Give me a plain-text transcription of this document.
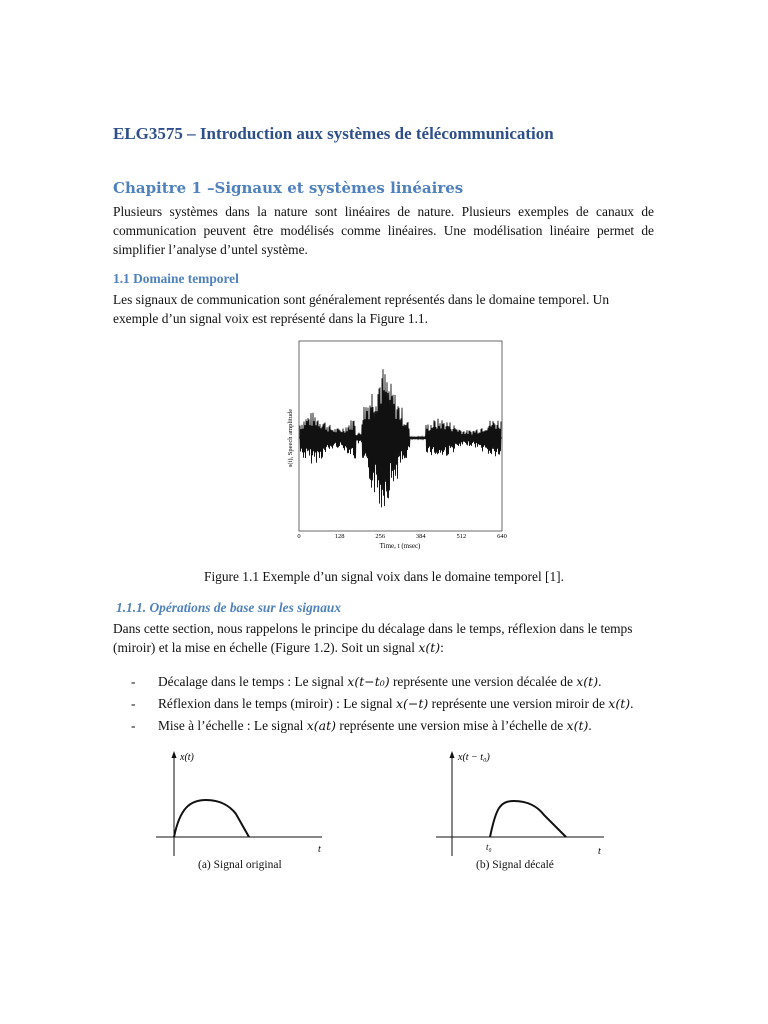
ELG3575 – Introduction aux systèmes de télécommunication
Chapitre 1 –Signaux et systèmes linéaires
Plusieurs systèmes dans la nature sont linéaires de nature. Plusieurs exemples de canaux de communication peuvent être modélisés comme linéaires. Une modélisation linéaire permet de simplifier l’analyse d’untel système.
1.1 Domaine temporel
Les signaux de communication sont généralement représentés dans le domaine temporel. Un exemple d’un signal voix est représenté dans la Figure 1.1.
0	128	256	384	512	640
Time, t (msec)
s(t), Speech amplitude
Figure 1.1 Exemple d’un signal voix dans le domaine temporel [1].
1.1.1. Opérations de base sur les signaux
Dans cette section, nous rappelons le principe du décalage dans le temps, réflexion dans le temps (miroir) et la mise en échelle (Figure 1.2). Soit un signal x(t):
- Décalage dans le temps : Le signal x(t−t₀) représente une version décalée de x(t).
- Réflexion dans le temps (miroir) : Le signal x(−t) représente une version miroir de x(t).
- Mise à l’échelle : Le signal x(at) représente une version mise à l’échelle de x(t).
x(t)
t
(a) Signal original
x(t − t₀)
t₀	t
(b) Signal décalé
